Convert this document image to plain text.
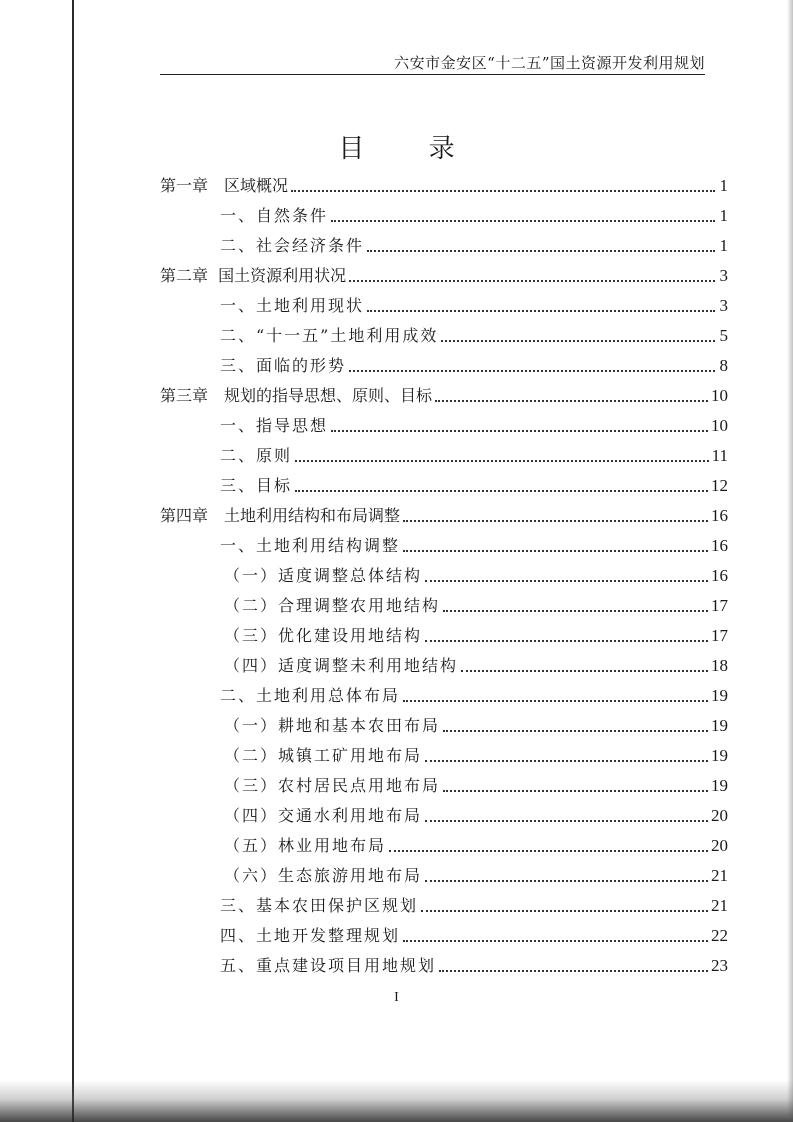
六安市金安区“十二五”国土资源开发利用规划
目 录
第一章　区域概况	1
一、自然条件	1
二、社会经济条件	1
第二章  国土资源利用状况	3
一、土地利用现状	3
二、“十一五”土地利用成效	5
三、面临的形势	8
第三章　规划的指导思想、原则、目标	10
一、指导思想	10
二、原则	11
三、目标	12
第四章　土地利用结构和布局调整	16
一、土地利用结构调整	16
（一）适度调整总体结构	16
（二）合理调整农用地结构	17
（三）优化建设用地结构	17
（四）适度调整未利用地结构	18
二、土地利用总体布局	19
（一）耕地和基本农田布局	19
（二）城镇工矿用地布局	19
（三）农村居民点用地布局	19
（四）交通水利用地布局	20
（五）林业用地布局	20
（六）生态旅游用地布局	21
三、基本农田保护区规划	21
四、土地开发整理规划	22
五、重点建设项目用地规划	23
I
